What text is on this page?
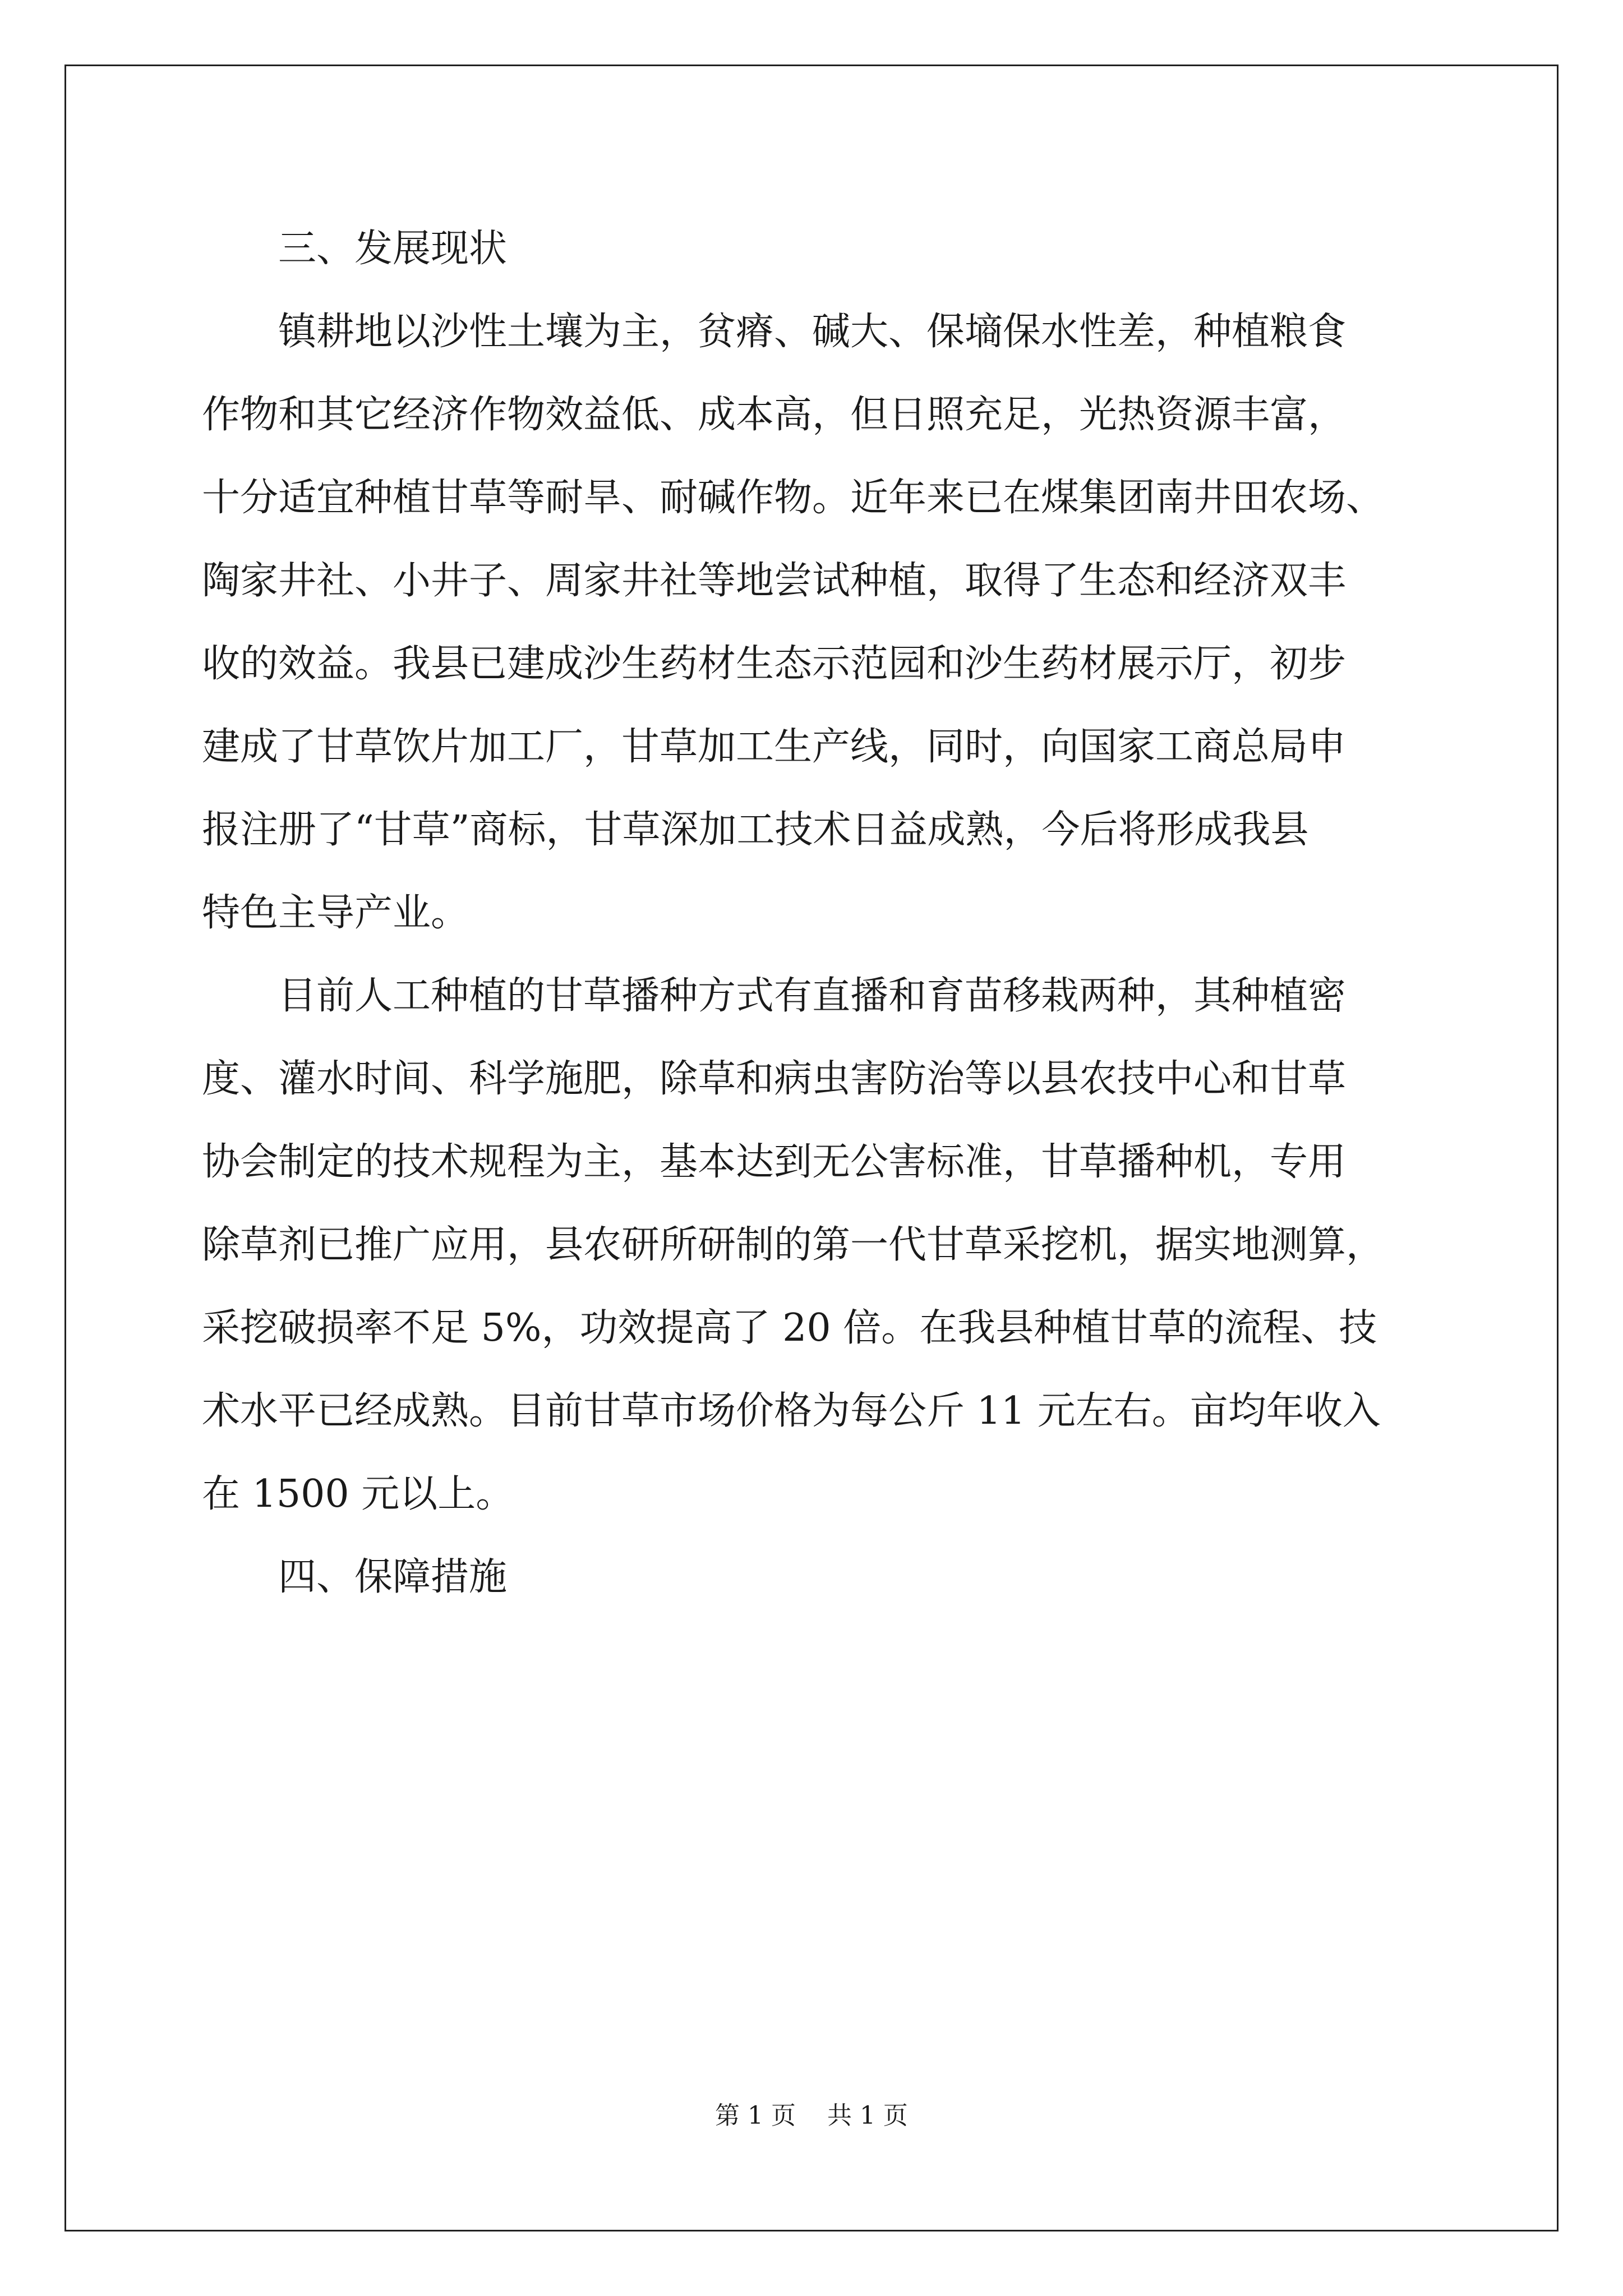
三、发展现状

镇耕地以沙性土壤为主，贫瘠、碱大、保墒保水性差，种植粮食
作物和其它经济作物效益低、成本高，但日照充足，光热资源丰富，
十分适宜种植甘草等耐旱、耐碱作物。近年来已在煤集团南井田农场、
陶家井社、小井子、周家井社等地尝试种植，取得了生态和经济双丰
收的效益。我县已建成沙生药材生态示范园和沙生药材展示厅，初步
建成了甘草饮片加工厂，甘草加工生产线，同时，向国家工商总局申
报注册了“甘草”商标，甘草深加工技术日益成熟，今后将形成我县
特色主导产业。

目前人工种植的甘草播种方式有直播和育苗移栽两种，其种植密
度、灌水时间、科学施肥，除草和病虫害防治等以县农技中心和甘草
协会制定的技术规程为主，基本达到无公害标准，甘草播种机，专用
除草剂已推广应用，县农研所研制的第一代甘草采挖机，据实地测算，
采挖破损率不足 5%，功效提高了 20 倍。在我县种植甘草的流程、技
术水平已经成熟。目前甘草市场价格为每公斤 11 元左右。亩均年收入
在 1500 元以上。

四、保障措施

第 1 页    共 1 页
